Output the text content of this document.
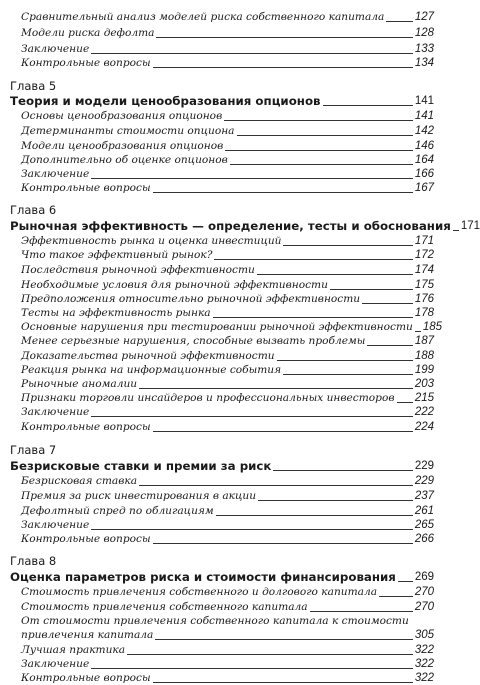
Сравнительный анализ моделей риска собственного капитала	127
Модели риска дефолта	128
Заключение	133
Контрольные вопросы	134
Глава 5
Теория и модели ценообразования опционов	141
Основы ценообразования опционов	141
Детерминанты стоимости опциона	142
Модели ценообразования опционов	146
Дополнительно об оценке опционов	164
Заключение	166
Контрольные вопросы	167
Глава 6
Рыночная эффективность — определение, тесты и обоснования 171
Эффективность рынка и оценка инвестиций	171
Что такое эффективный рынок?	172
Последствия рыночной эффективности	174
Необходимые условия для рыночной эффективности	175
Предположения относительно рыночной эффективности	176
Тесты на эффективность рынка	178
Основные нарушения при тестировании рыночной эффективности 185
Менее серьезные нарушения, способные вызвать проблемы	187
Доказательства рыночной эффективности	188
Реакция рынка на информационные события	199
Рыночные аномалии	203
Признаки торговли инсайдеров и профессиональных инвесторов 215
Заключение	222
Контрольные вопросы	224
Глава 7
Безрисковые ставки и премии за риск	229
Безрисковая ставка	229
Премия за риск инвестирования в акции	237
Дефолтный спред по облигациям	261
Заключение	265
Контрольные вопросы	266
Глава 8
Оценка параметров риска и стоимости финансирования 269
Стоимость привлечения собственного и долгового капитала	270
Стоимость привлечения собственного капитала	270
От стоимости привлечения собственного капитала к стоимости
привлечения капитала	305
Лучшая практика	322
Заключение	322
Контрольные вопросы	322
